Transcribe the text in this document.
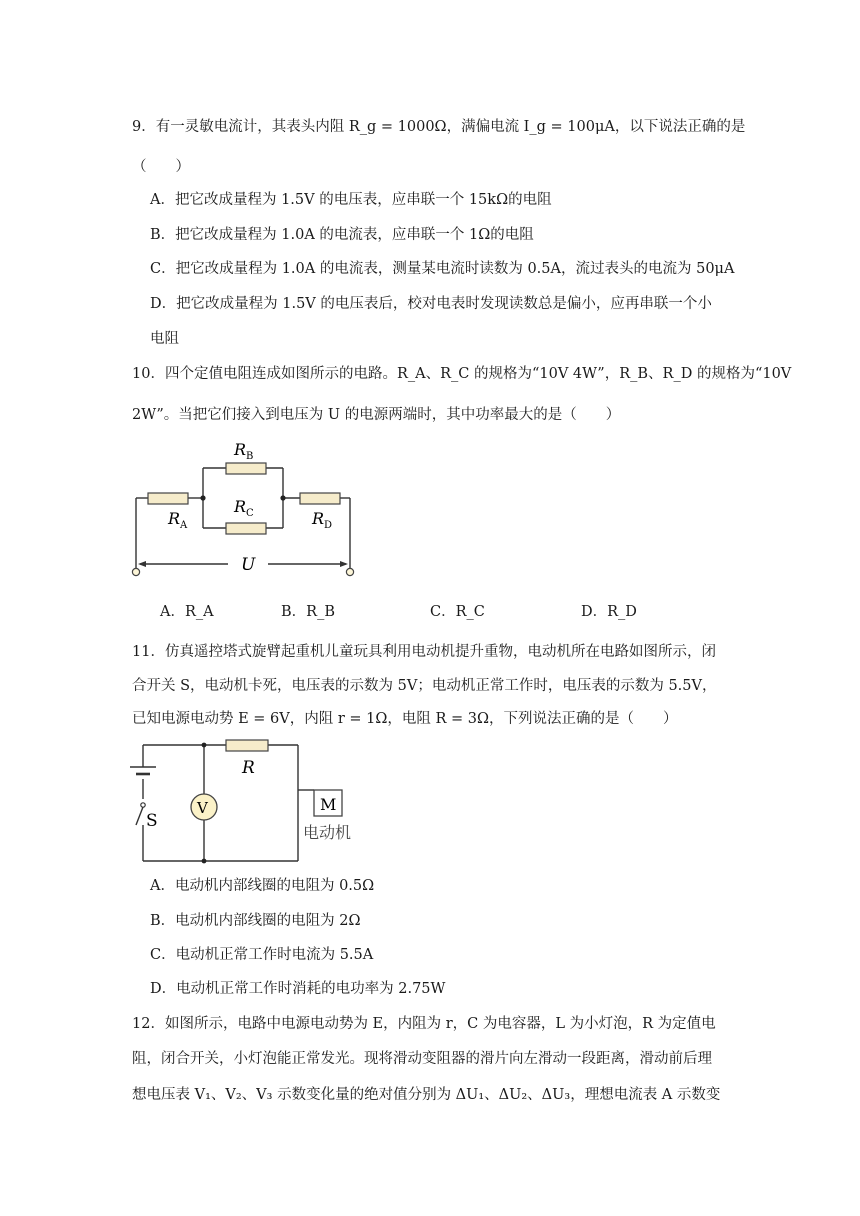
9．有一灵敏电流计，其表头内阻 R_g = 1000Ω，满偏电流 I_g = 100μA，以下说法正确的是
（　　）
A．把它改成量程为 1.5V 的电压表，应串联一个 15kΩ的电阻
B．把它改成量程为 1.0A 的电流表，应串联一个 1Ω的电阻
C．把它改成量程为 1.0A 的电流表，测量某电流时读数为 0.5A，流过表头的电流为 50μA
D．把它改成量程为 1.5V 的电压表后，校对电表时发现读数总是偏小，应再串联一个小
电阻
10．四个定值电阻连成如图所示的电路。R_A、R_C 的规格为“10V 4W”，R_B、R_D 的规格为“10V
2W”。当把它们接入到电压为 U 的电源两端时，其中功率最大的是（　　）
$R_B$
$R_A$
$R_C$	$R_D$
U
A．R_A	B．R_B	C．R_C	D．R_D
11．仿真遥控塔式旋臂起重机儿童玩具利用电动机提升重物，电动机所在电路如图所示，闭
合开关 S，电动机卡死，电压表的示数为 5V；电动机正常工作时，电压表的示数为 5.5V，
已知电源电动势 E = 6V，内阻 r = 1Ω，电阻 R = 3Ω，下列说法正确的是（　　）
R
V
S
M
电动机
A．电动机内部线圈的电阻为 0.5Ω
B．电动机内部线圈的电阻为 2Ω
C．电动机正常工作时电流为 5.5A
D．电动机正常工作时消耗的电功率为 2.75W
12．如图所示，电路中电源电动势为 E，内阻为 r，C 为电容器，L 为小灯泡，R 为定值电
阻，闭合开关，小灯泡能正常发光。现将滑动变阻器的滑片向左滑动一段距离，滑动前后理
想电压表 V₁、V₂、V₃ 示数变化量的绝对值分别为 ΔU₁、ΔU₂、ΔU₃，理想电流表 A 示数变
